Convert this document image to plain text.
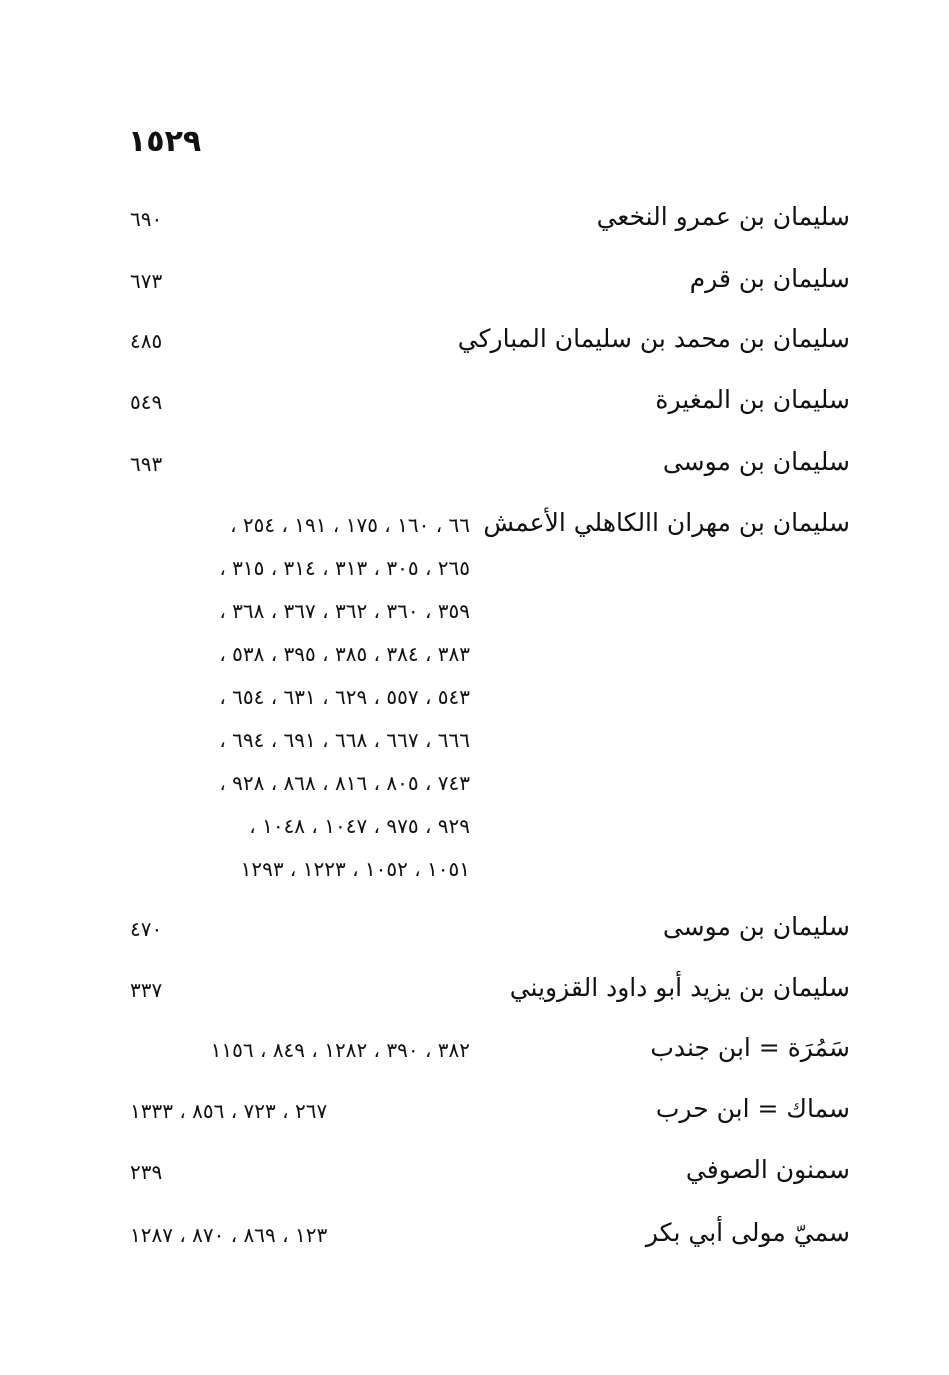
١٥٢٩
سليمان بن عمرو النخعي
٦٩٠
سليمان بن قرم
٦٧٣
سليمان بن محمد بن سليمان المباركي
٤٨٥
سليمان بن المغيرة
٥٤٩
سليمان بن موسى
٦٩٣
سليمان بن مهران االكاهلي الأعمش
٦٦ ، ١٦٠ ، ١٧٥ ، ١٩١ ، ٢٥٤ ،
٢٦٥ ، ٣٠٥ ، ٣١٣ ، ٣١٤ ، ٣١٥ ،
٣٥٩ ، ٣٦٠ ، ٣٦٢ ، ٣٦٧ ، ٣٦٨ ،
٣٨٣ ، ٣٨٤ ، ٣٨٥ ، ٣٩٥ ، ٥٣٨ ،
٥٤٣ ، ٥٥٧ ، ٦٢٩ ، ٦٣١ ، ٦٥٤ ،
٦٦٦ ، ٦٦٧ ، ٦٦٨ ، ٦٩١ ، ٦٩٤ ،
٧٤٣ ، ٨٠٥ ، ٨١٦ ، ٨٦٨ ، ٩٢٨ ،
٩٢٩ ، ٩٧٥ ، ١٠٤٧ ، ١٠٤٨ ،
١٠٥١ ، ١٠٥٢ ، ١٢٢٣ ، ١٢٩٣
سليمان بن موسى
٤٧٠
سليمان بن يزيد أبو داود القزويني
٣٣٧
سَمُرَة = ابن جندب
٣٨٢ ، ٣٩٠ ، ١٢٨٢ ، ٨٤٩ ، ١١٥٦
سماك = ابن حرب
٢٦٧ ، ٧٢٣ ، ٨٥٦ ، ١٣٣٣
سمنون الصوفي
٢٣٩
سميّ مولى أبي بكر
١٢٣ ، ٨٦٩ ، ٨٧٠ ، ١٢٨٧
